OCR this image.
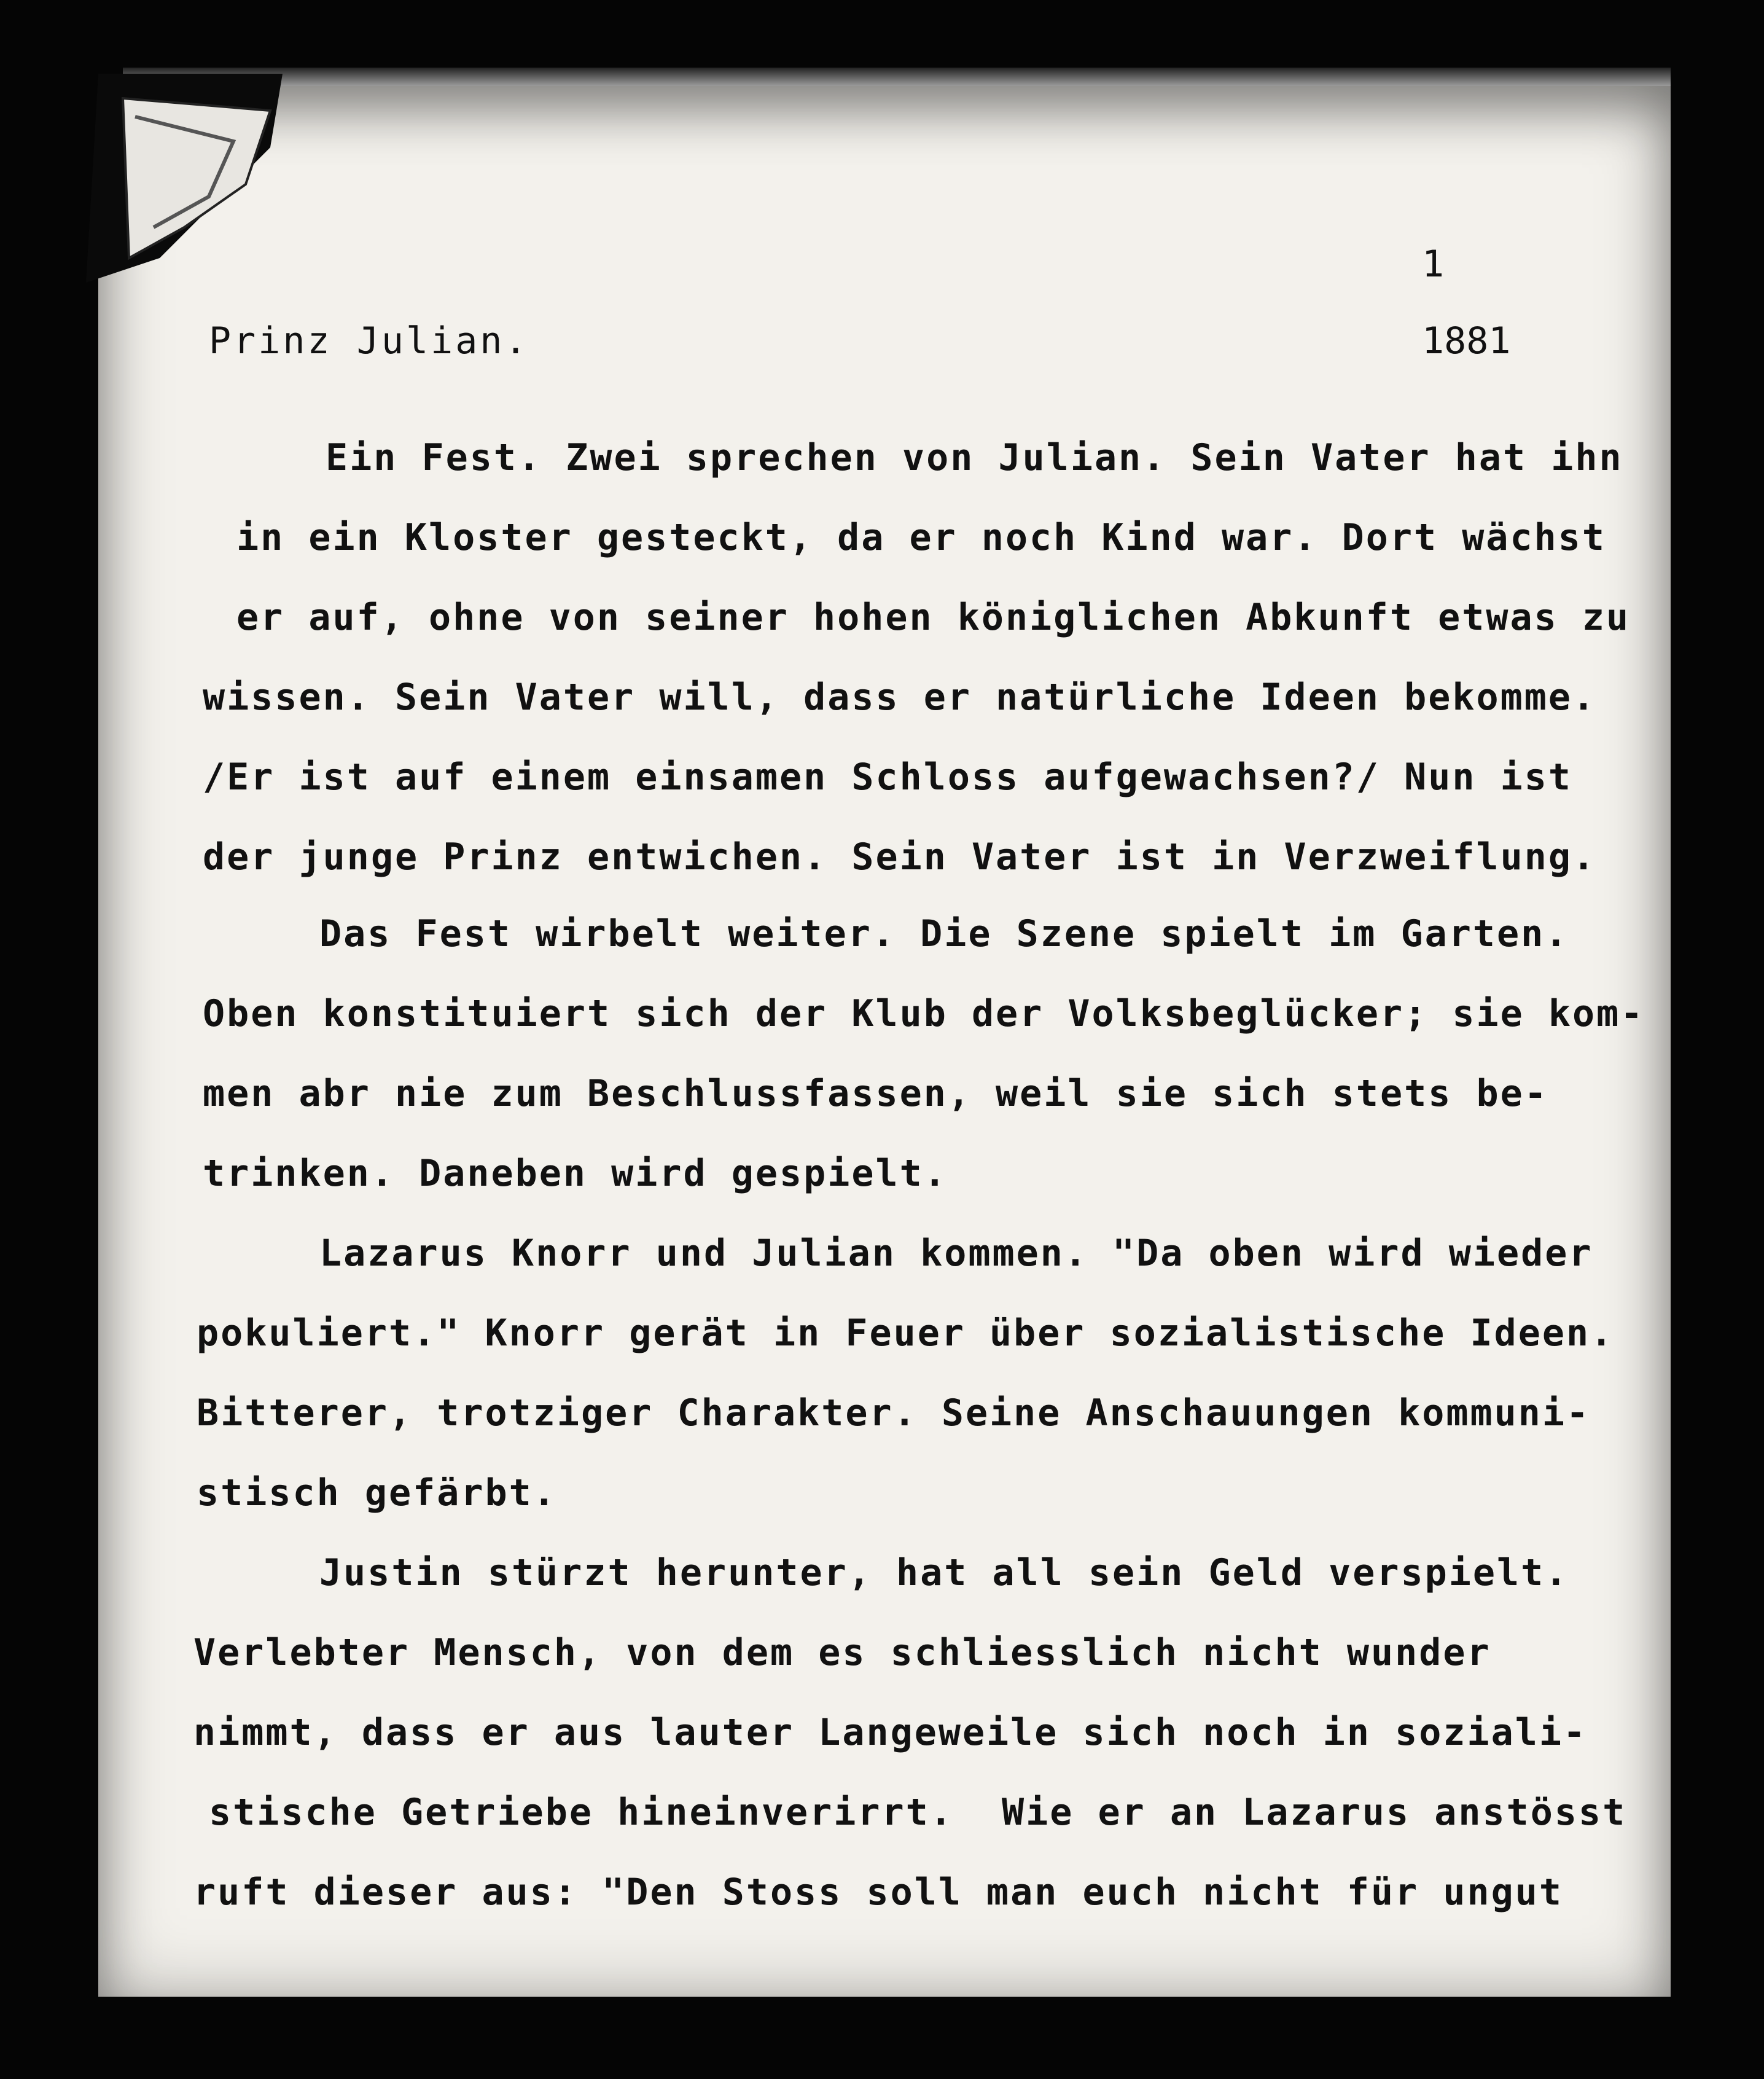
1
Prinz Julian.	1881
Ein Fest. Zwei sprechen von Julian. Sein Vater hat ihn
in ein Kloster gesteckt, da er noch Kind war. Dort wächst
er auf, ohne von seiner hohen königlichen Abkunft etwas zu
wissen. Sein Vater will, dass er natürliche Ideen bekomme.
/Er ist auf einem einsamen Schloss aufgewachsen?/ Nun ist
der junge Prinz entwichen. Sein Vater ist in Verzweiflung.
Das Fest wirbelt weiter. Die Szene spielt im Garten.
Oben konstituiert sich der Klub der Volksbeglücker; sie kom-
men abr nie zum Beschlussfassen, weil sie sich stets be-
trinken. Daneben wird gespielt.
Lazarus Knorr und Julian kommen. "Da oben wird wieder
pokuliert." Knorr gerät in Feuer über sozialistische Ideen.
Bitterer, trotziger Charakter. Seine Anschauungen kommuni-
stisch gefärbt.
Justin stürzt herunter, hat all sein Geld verspielt.
Verlebter Mensch, von dem es schliesslich nicht wunder
nimmt, dass er aus lauter Langeweile sich noch in soziali-
stische Getriebe hineinverirrt.  Wie er an Lazarus anstösst
ruft dieser aus: "Den Stoss soll man euch nicht für ungut
